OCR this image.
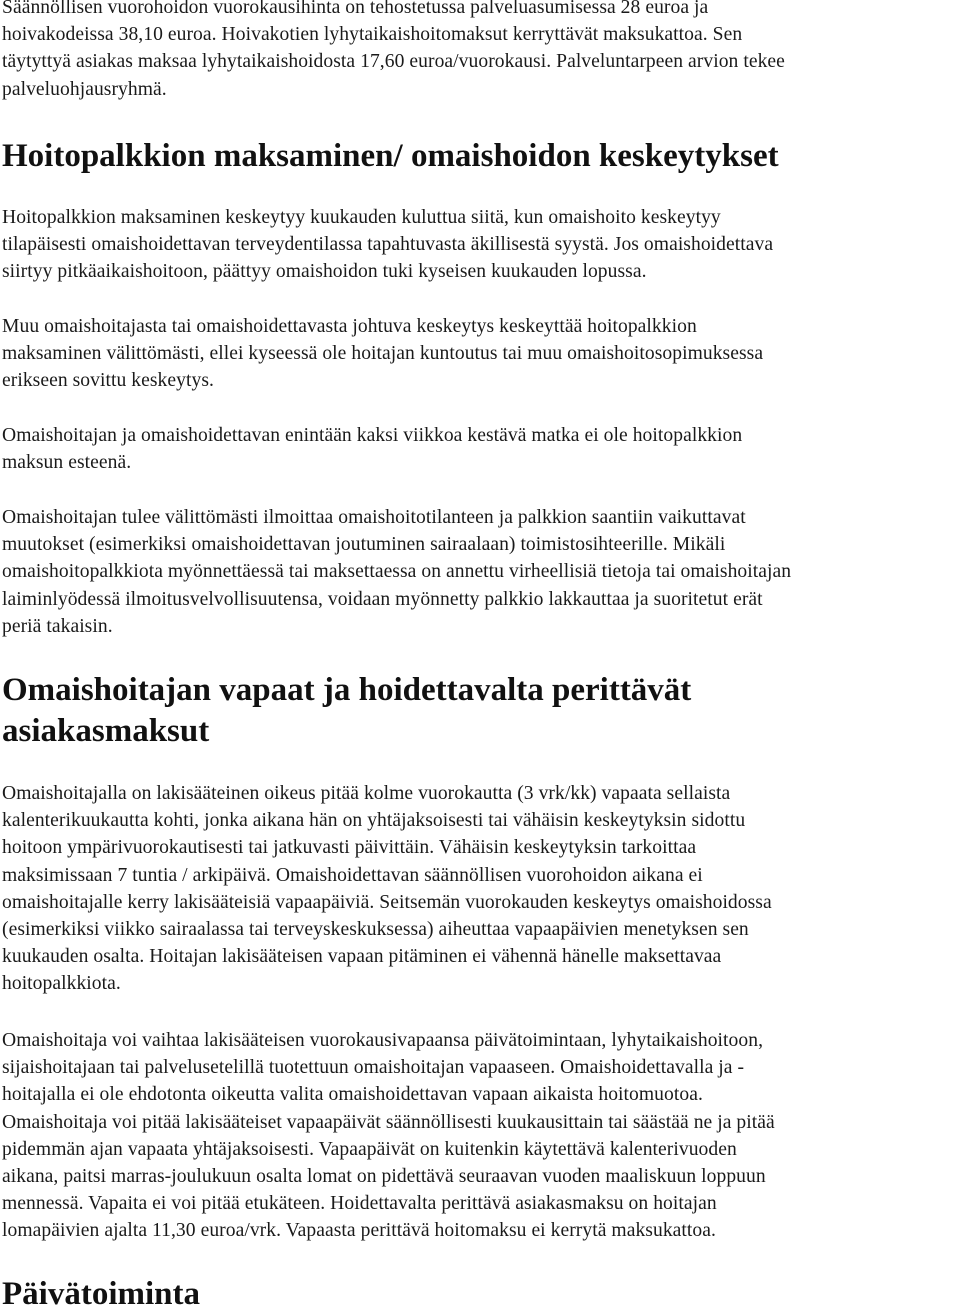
Säännöllisen vuorohoidon vuorokausihinta on tehostetussa palveluasumisessa 28 euroa ja
hoivakodeissa 38,10 euroa. Hoivakotien lyhytaikaishoitomaksut kerryttävät maksukattoa. Sen
täytyttyä asiakas maksaa lyhytaikaishoidosta 17,60 euroa/vuorokausi. Palveluntarpeen arvion tekee
palveluohjausryhmä.

Hoitopalkkion maksaminen/ omaishoidon keskeytykset

Hoitopalkkion maksaminen keskeytyy kuukauden kuluttua siitä, kun omaishoito keskeytyy
tilapäisesti omaishoidettavan terveydentilassa tapahtuvasta äkillisestä syystä. Jos omaishoidettava
siirtyy pitkäaikaishoitoon, päättyy omaishoidon tuki kyseisen kuukauden lopussa.

Muu omaishoitajasta tai omaishoidettavasta johtuva keskeytys keskeyttää hoitopalkkion
maksaminen välittömästi, ellei kyseessä ole hoitajan kuntoutus tai muu omaishoitosopimuksessa
erikseen sovittu keskeytys.

Omaishoitajan ja omaishoidettavan enintään kaksi viikkoa kestävä matka ei ole hoitopalkkion
maksun esteenä.

Omaishoitajan tulee välittömästi ilmoittaa omaishoitotilanteen ja palkkion saantiin vaikuttavat
muutokset (esimerkiksi omaishoidettavan joutuminen sairaalaan) toimistosihteerille. Mikäli
omaishoitopalkkiota myönnettäessä tai maksettaessa on annettu virheellisiä tietoja tai omaishoitajan
laiminlyödessä ilmoitusvelvollisuutensa, voidaan myönnetty palkkio lakkauttaa ja suoritetut erät
periä takaisin.

Omaishoitajan vapaat ja hoidettavalta perittävät
asiakasmaksut

Omaishoitajalla on lakisääteinen oikeus pitää kolme vuorokautta (3 vrk/kk) vapaata sellaista
kalenterikuukautta kohti, jonka aikana hän on yhtäjaksoisesti tai vähäisin keskeytyksin sidottu
hoitoon ympärivuorokautisesti tai jatkuvasti päivittäin. Vähäisin keskeytyksin tarkoittaa
maksimissaan 7 tuntia / arkipäivä. Omaishoidettavan säännöllisen vuorohoidon aikana ei
omaishoitajalle kerry lakisääteisiä vapaapäiviä. Seitsemän vuorokauden keskeytys omaishoidossa
(esimerkiksi viikko sairaalassa tai terveyskeskuksessa) aiheuttaa vapaapäivien menetyksen sen
kuukauden osalta. Hoitajan lakisääteisen vapaan pitäminen ei vähennä hänelle maksettavaa
hoitopalkkiota.

Omaishoitaja voi vaihtaa lakisääteisen vuorokausivapaansa päivätoimintaan, lyhytaikaishoitoon,
sijaishoitajaan tai palvelusetelillä tuotettuun omaishoitajan vapaaseen. Omaishoidettavalla ja -
hoitajalla ei ole ehdotonta oikeutta valita omaishoidettavan vapaan aikaista hoitomuotoa.
Omaishoitaja voi pitää lakisääteiset vapaapäivät säännöllisesti kuukausittain tai säästää ne ja pitää
pidemmän ajan vapaata yhtäjaksoisesti. Vapaapäivät on kuitenkin käytettävä kalenterivuoden
aikana, paitsi marras-joulukuun osalta lomat on pidettävä seuraavan vuoden maaliskuun loppuun
mennessä. Vapaita ei voi pitää etukäteen. Hoidettavalta perittävä asiakasmaksu on hoitajan
lomapäivien ajalta 11,30 euroa/vrk. Vapaasta perittävä hoitomaksu ei kerrytä maksukattoa.

Päivätoiminta
